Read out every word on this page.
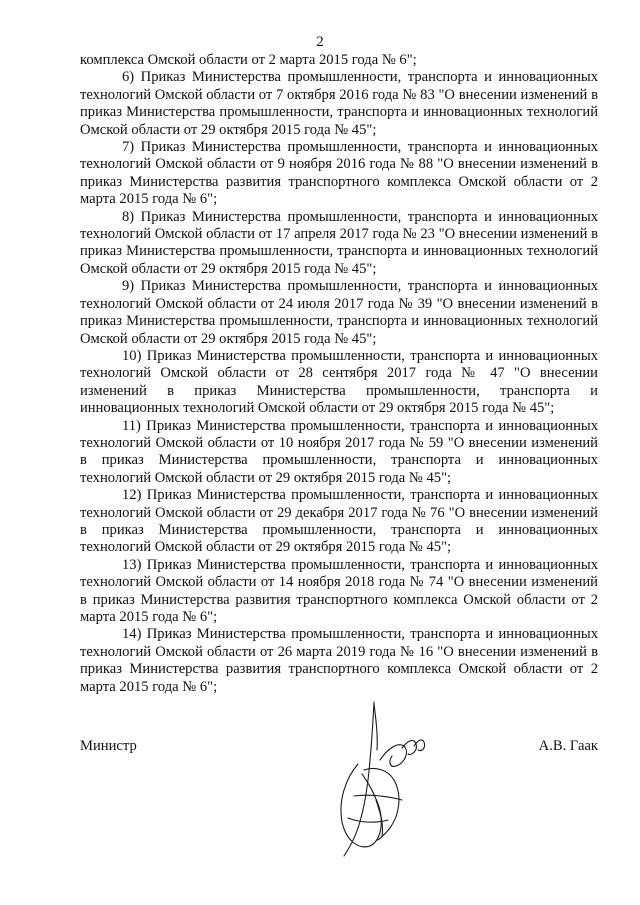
2

комплекса Омской области от 2 марта 2015 года № 6";

6) Приказ Министерства промышленности, транспорта и инновационных технологий Омской области от 7 октября 2016 года № 83 "О внесении изменений в приказ Министерства промышленности, транспорта и инновационных технологий Омской области от 29 октября 2015 года № 45";

7) Приказ Министерства промышленности, транспорта и инновационных технологий Омской области от 9 ноября 2016 года № 88 "О внесении изменений в приказ Министерства развития транспортного комплекса Омской области от 2 марта 2015 года № 6";

8) Приказ Министерства промышленности, транспорта и инновационных технологий Омской области от 17 апреля 2017 года № 23 "О внесении изменений в приказ Министерства промышленности, транспорта и инновационных технологий Омской области от 29 октября 2015 года № 45";

9) Приказ Министерства промышленности, транспорта и инновационных технологий Омской области от 24 июля 2017 года № 39 "О внесении изменений в приказ Министерства промышленности, транспорта и инновационных технологий Омской области от 29 октября 2015 года № 45";

10) Приказ Министерства промышленности, транспорта и инновационных технологий Омской области от 28 сентября 2017 года № 47 "О внесении изменений в приказ Министерства промышленности, транспорта и инновационных технологий Омской области от 29 октября 2015 года № 45";

11) Приказ Министерства промышленности, транспорта и инновационных технологий Омской области от 10 ноября 2017 года № 59 "О внесении изменений в приказ Министерства промышленности, транспорта и инновационных технологий Омской области от 29 октября 2015 года № 45";

12) Приказ Министерства промышленности, транспорта и инновационных технологий Омской области от 29 декабря 2017 года № 76 "О внесении изменений в приказ Министерства промышленности, транспорта и инновационных технологий Омской области от 29 октября 2015 года № 45";

13) Приказ Министерства промышленности, транспорта и инновационных технологий Омской области от 14 ноября 2018 года № 74 "О внесении изменений в приказ Министерства развития транспортного комплекса Омской области от 2 марта 2015 года № 6";

14) Приказ Министерства промышленности, транспорта и инновационных технологий Омской области от 26 марта 2019 года № 16 "О внесении изменений в приказ Министерства развития транспортного комплекса Омской области от 2 марта 2015 года № 6";

Министр	А.В. Гаак
